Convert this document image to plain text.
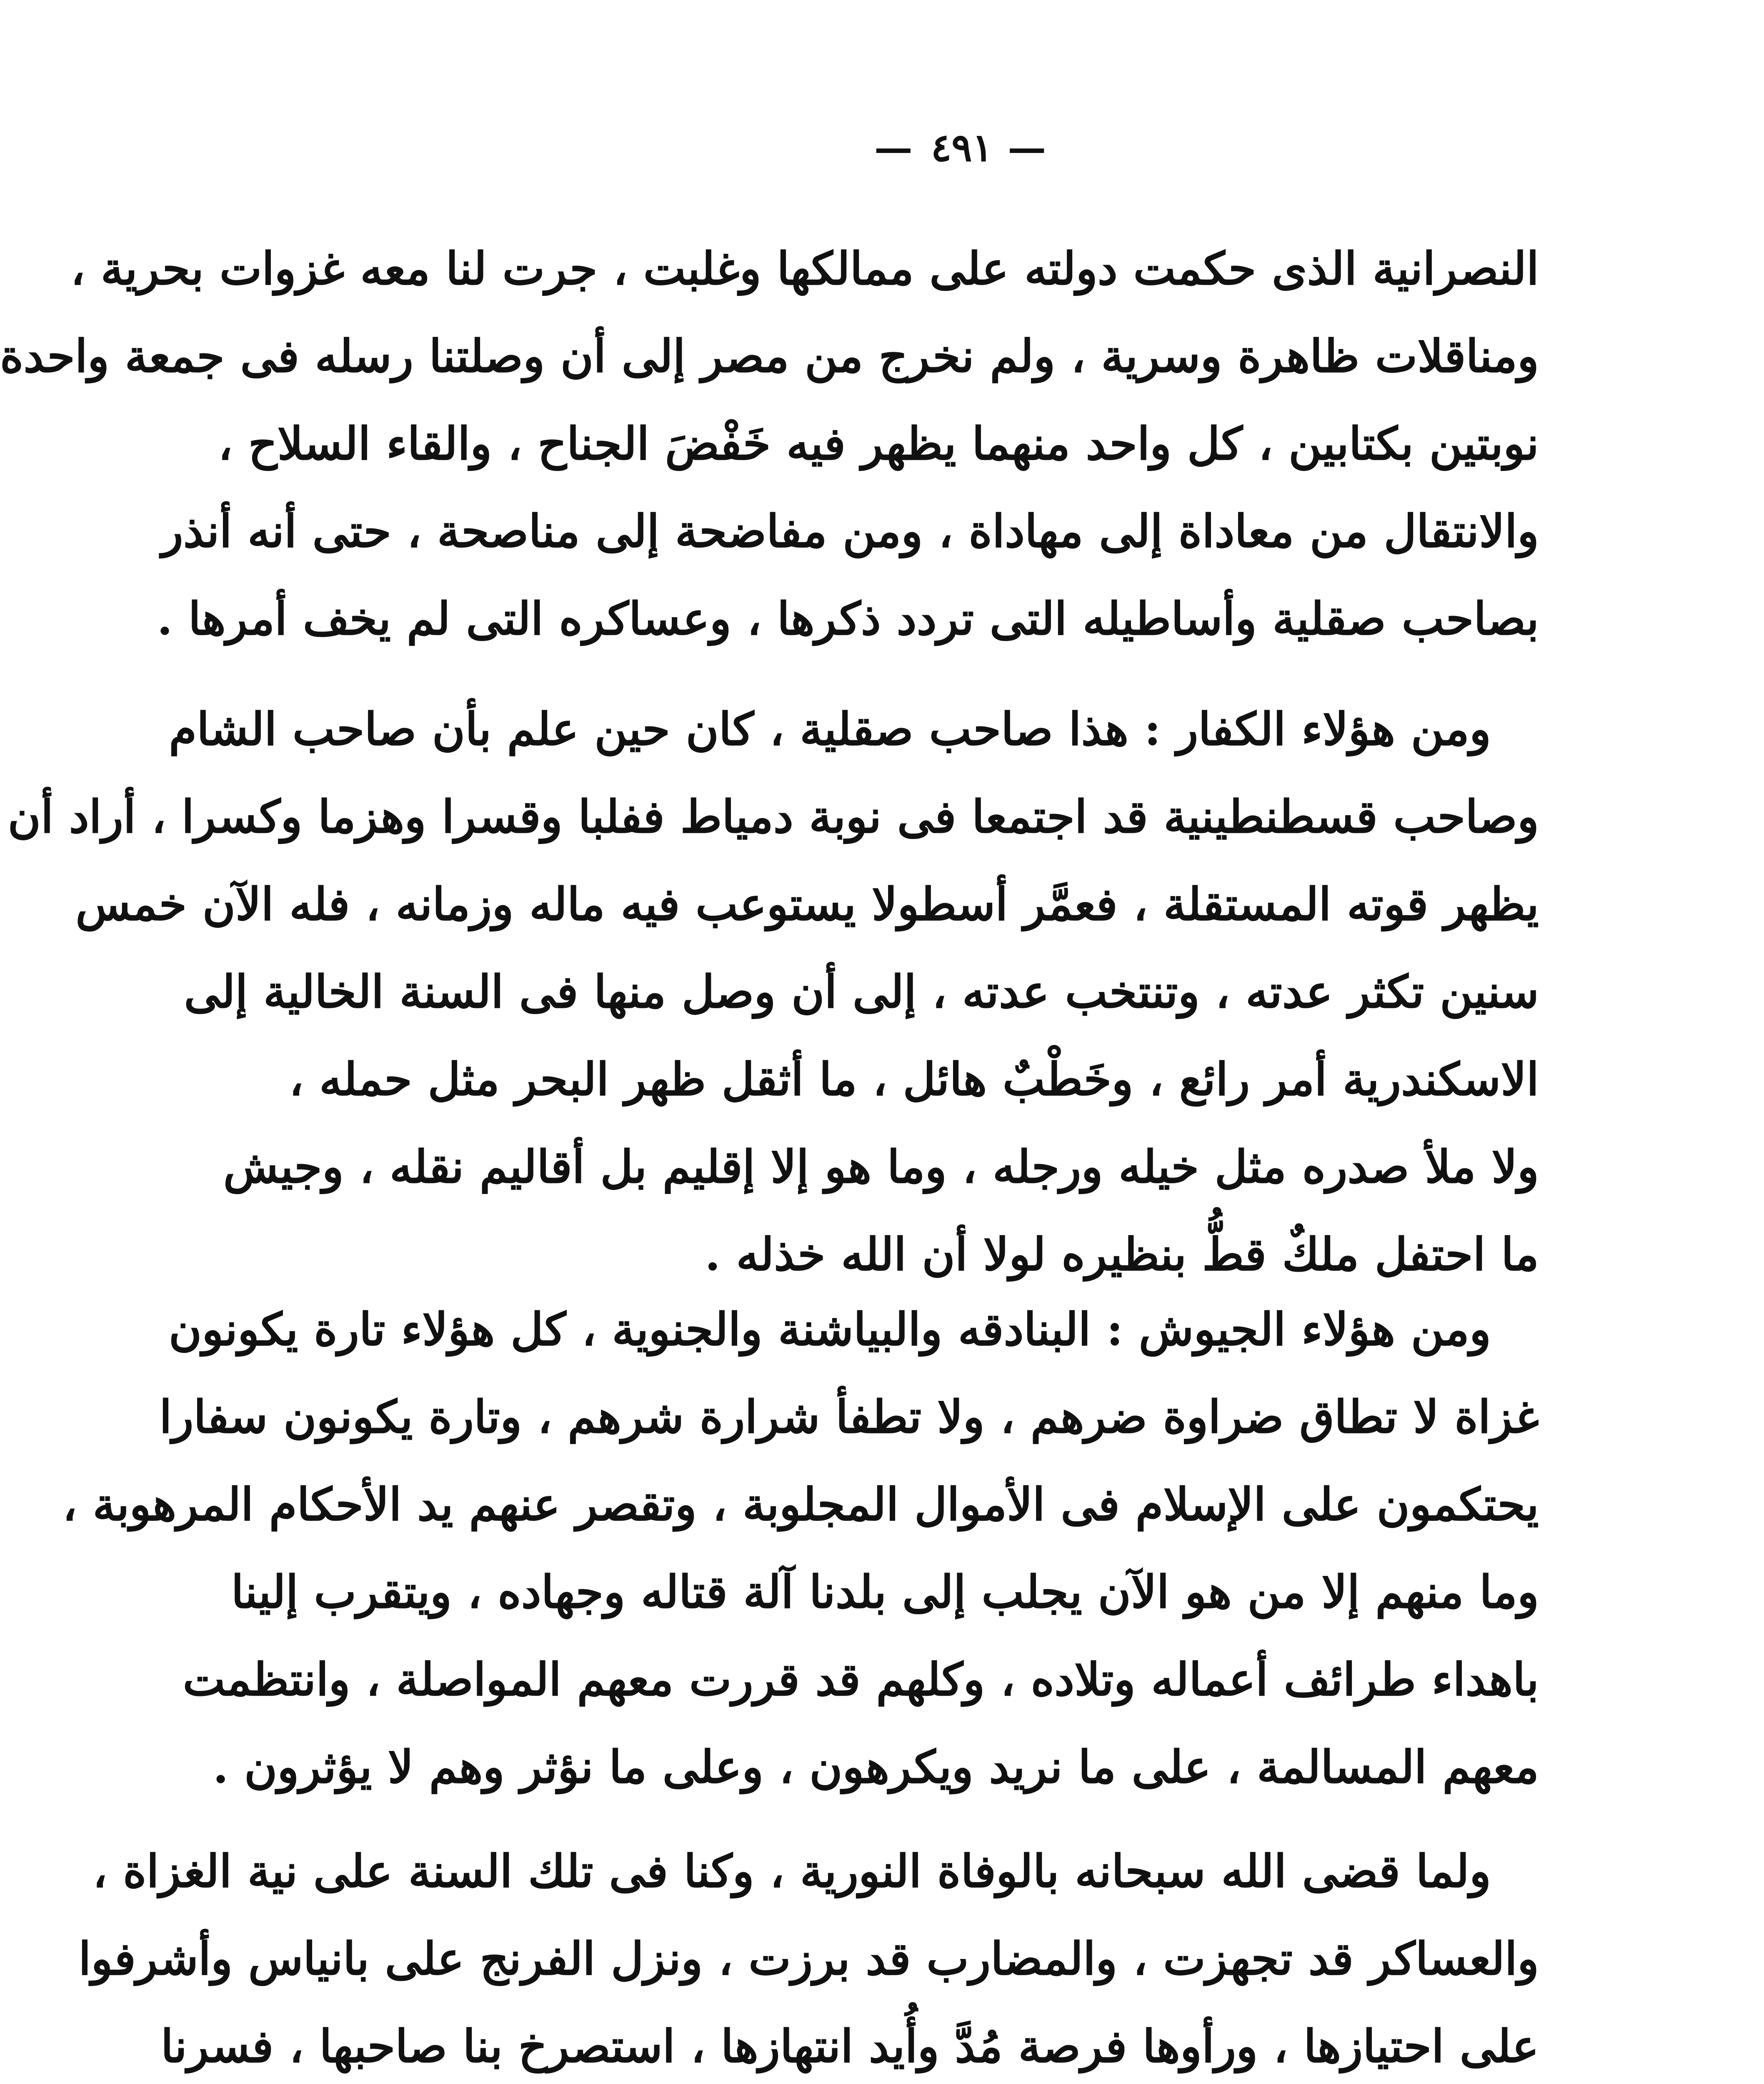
— ٤٩١ —
النصرانية الذى حكمت دولته على ممالكها وغلبت ، جرت لنا معه غزوات بحرية ،
ومناقلات ظاهرة وسرية ، ولم نخرج من مصر إلى أن وصلتنا رسله فى جمعة واحدة
نوبتين بكتابين ، كل واحد منهما يظهر فيه خَفْضَ الجناح ، والقاء السلاح ،
والانتقال من معاداة إلى مهاداة ، ومن مفاضحة إلى مناصحة ، حتى أنه أنذر
بصاحب صقلية وأساطيله التى تردد ذكرها ، وعساكره التى لم يخف أمرها .
ومن هؤلاء الكفار : هذا صاحب صقلية ، كان حين علم بأن صاحب الشام
وصاحب قسطنطينية قد اجتمعا فى نوبة دمياط ففلبا وقسرا وهزما وكسرا ، أراد أن
يظهر قوته المستقلة ، فعمَّر أسطولا يستوعب فيه ماله وزمانه ، فله الآن خمس
سنين تكثر عدته ، وتنتخب عدته ، إلى أن وصل منها فى السنة الخالية إلى
الاسكندرية أمر رائع ، وخَطْبٌ هائل ، ما أثقل ظهر البحر مثل حمله ،
ولا ملأ صدره مثل خيله ورجله ، وما هو إلا إقليم بل أقاليم نقله ، وجيش
ما احتفل ملكٌ قطُّ بنظيره لولا أن الله خذله .
ومن هؤلاء الجيوش : البنادقه والبياشنة والجنوية ، كل هؤلاء تارة يكونون
غزاة لا تطاق ضراوة ضرهم ، ولا تطفأ شرارة شرهم ، وتارة يكونون سفارا
يحتكمون على الإسلام فى الأموال المجلوبة ، وتقصر عنهم يد الأحكام المرهوبة ،
وما منهم إلا من هو الآن يجلب إلى بلدنا آلة قتاله وجهاده ، ويتقرب إلينا
باهداء طرائف أعماله وتلاده ، وكلهم قد قررت معهم المواصلة ، وانتظمت
معهم المسالمة ، على ما نريد ويكرهون ، وعلى ما نؤثر وهم لا يؤثرون .
ولما قضى الله سبحانه بالوفاة النورية ، وكنا فى تلك السنة على نية الغزاة ،
والعساكر قد تجهزت ، والمضارب قد برزت ، ونزل الفرنج على بانياس وأشرفوا
على احتيازها ، ورأوها فرصة مُدَّ وأُيد انتهازها ، استصرخ بنا صاحبها ، فسرنا
